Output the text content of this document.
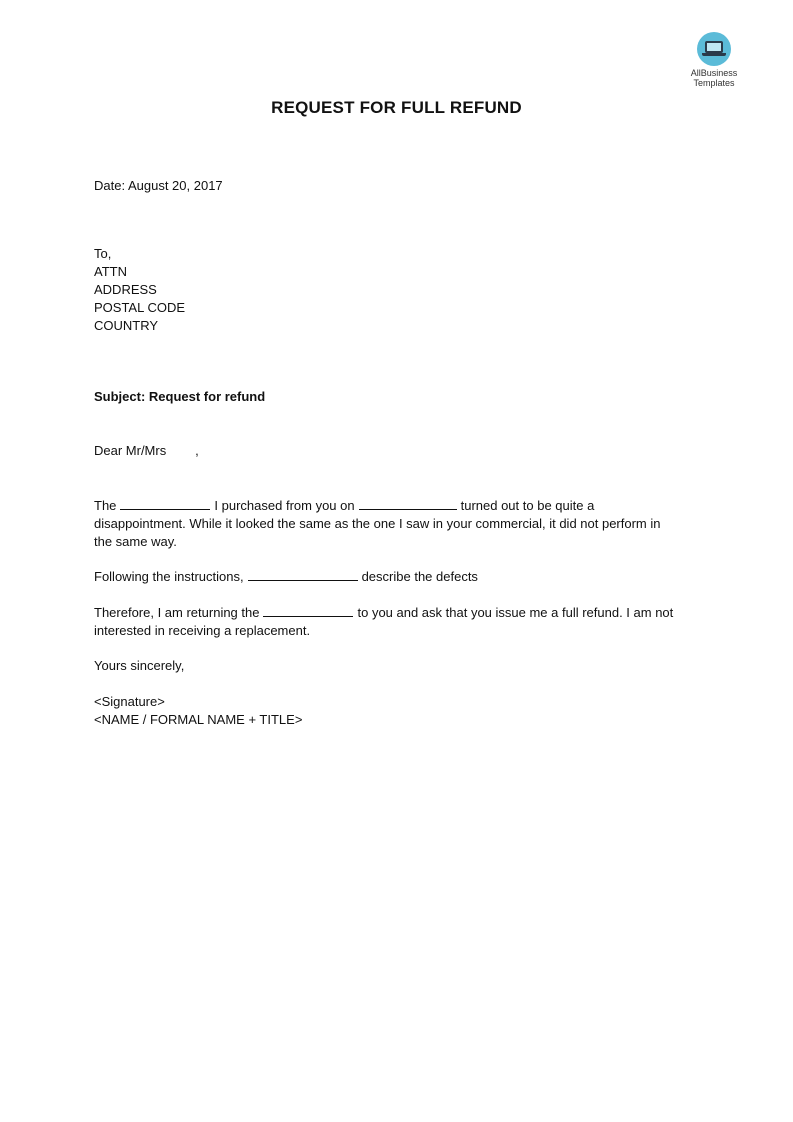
AllBusiness
Templates
REQUEST FOR FULL REFUND
Date: August 20, 2017
To,
ATTN
ADDRESS
POSTAL CODE
COUNTRY
Subject: Request for refund
Dear Mr/Mrs        ,
The	I purchased from you on	turned out to be quite a
disappointment. While it looked the same as the one I saw in your commercial, it did not perform in
the same way.
Following the instructions,	describe the defects
Therefore, I am returning the	to you and ask that you issue me a full refund. I am not
interested in receiving a replacement.
Yours sincerely,
<Signature>
<NAME / FORMAL NAME + TITLE>
